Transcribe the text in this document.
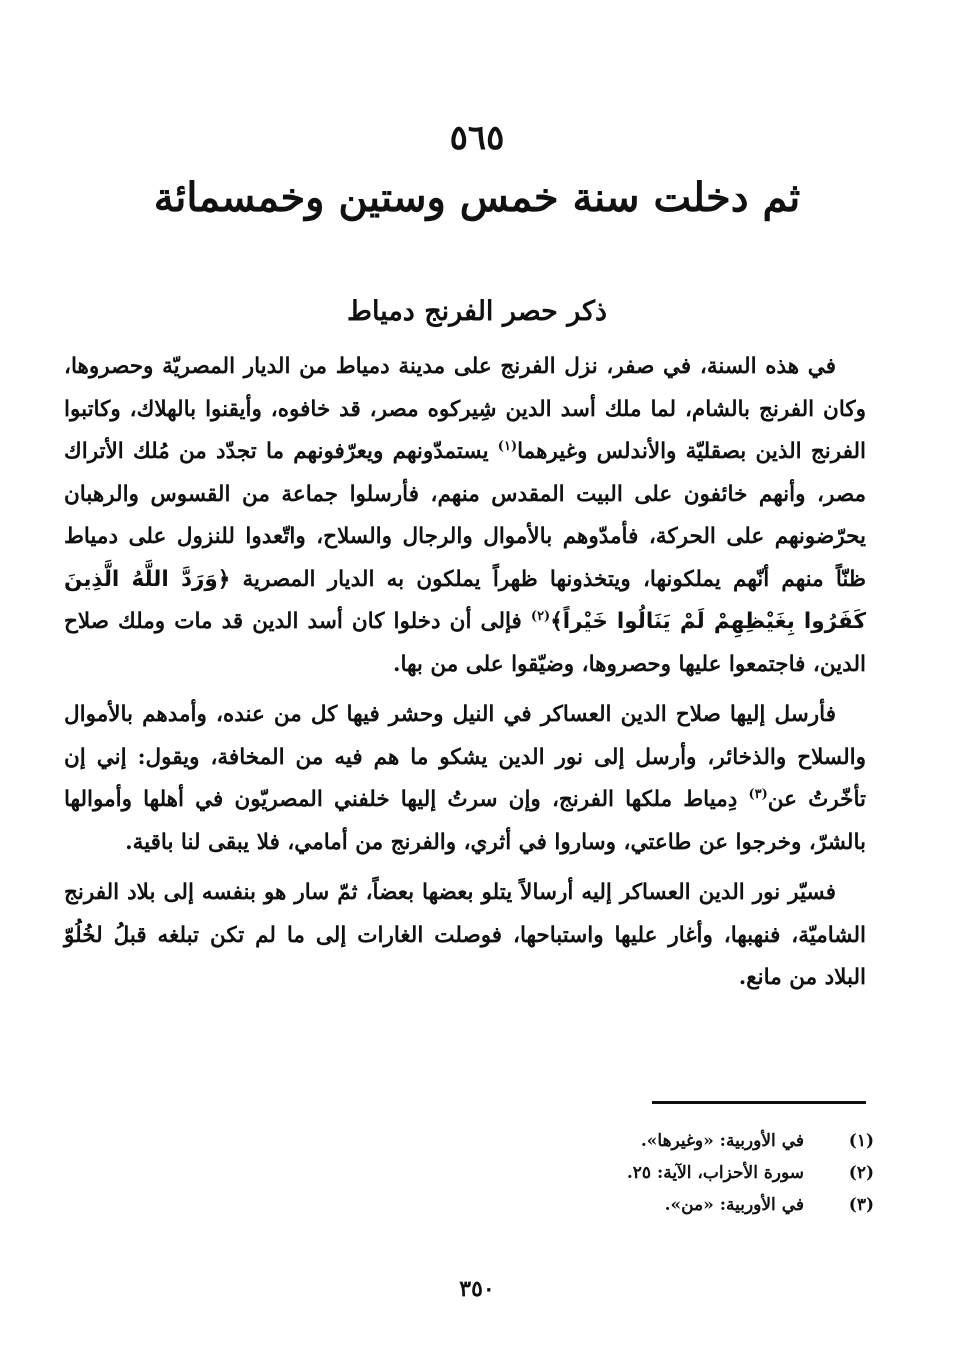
٥٦٥
ثم دخلت سنة خمس وستين وخمسمائة
ذكر حصر الفرنج دمياط

في هذه السنة، في صفر، نزل الفرنج على مدينة دمياط من الديار المصريّة وحصروها، وكان الفرنج بالشام، لما ملك أسد الدين شِيركوه مصر، قد خافوه، وأيقنوا بالهلاك، وكاتبوا الفرنج الذين بصقليّة والأندلس وغيرهما$^{(١)}$ يستمدّونهم ويعرّفونهم ما تجدّد من مُلك الأتراك مصر، وأنهم خائفون على البيت المقدس منهم، فأرسلوا جماعة من القسوس والرهبان يحرّضونهم على الحركة، فأمدّوهم بالأموال والرجال والسلاح، واتّعدوا للنزول على دمياط ظنّاً منهم أنّهم يملكونها، ويتخذونها ظهراً يملكون به الديار المصرية ﴿وَرَدَّ اللَّهُ الَّذِينَ كَفَرُوا بِغَيْظِهِمْ لَمْ يَنَالُوا خَيْراً﴾$^{(٢)}$ فإلى أن دخلوا كان أسد الدين قد مات وملك صلاح الدين، فاجتمعوا عليها وحصروها، وضيّقوا على من بها.

فأرسل إليها صلاح الدين العساكر في النيل وحشر فيها كل من عنده، وأمدهم بالأموال والسلاح والذخائر، وأرسل إلى نور الدين يشكو ما هم فيه من المخافة، ويقول: إني إن تأخّرتُ عن$^{(٣)}$ دِمياط ملكها الفرنج، وإن سرتُ إليها خلفني المصريّون في أهلها وأموالها بالشرّ، وخرجوا عن طاعتي، وساروا في أثري، والفرنج من أمامي، فلا يبقى لنا باقية.

فسيّر نور الدين العساكر إليه أرسالاً يتلو بعضها بعضاً، ثمّ سار هو بنفسه إلى بلاد الفرنج الشاميّة، فنهبها، وأغار عليها واستباحها، فوصلت الغارات إلى ما لم تكن تبلغه قبلُ لخُلُوّ البلاد من مانع.

(١)
في الأوربية: «وغيرها».
(٢)
سورة الأحزاب، الآية: ٢٥.
(٣)
في الأوربية: «من».
٣٥٠
